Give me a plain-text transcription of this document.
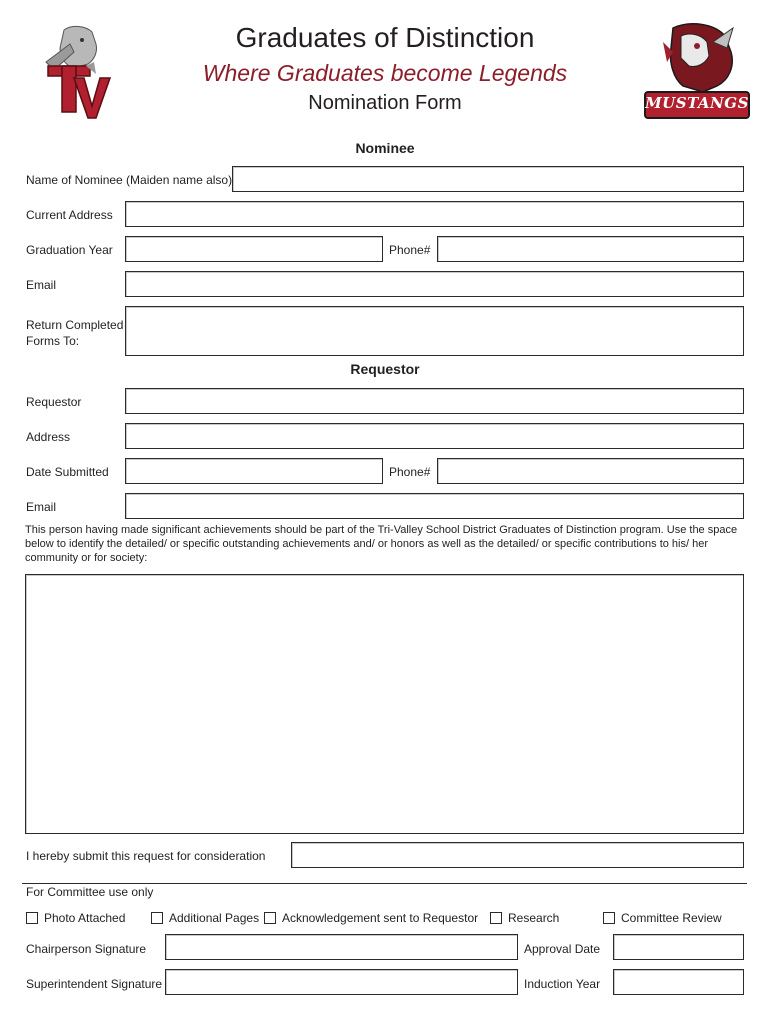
MUSTANGS
Graduates of Distinction
Where Graduates become Legends
Nomination Form
Nominee
Name of Nominee (Maiden name also)
Current Address
Graduation Year	Phone#
Email
Return Completed
Forms To:
Requestor
Requestor
Address
Date Submitted	Phone#
Email
This person having made significant achievements should be part of the Tri-Valley School District Graduates of Distinction program. Use the space below to identify the detailed/ or specific outstanding achievements and/ or honors as well as the detailed/ or specific contributions to his/ her community or for society:
I hereby submit this request for consideration
For Committee use only
Photo Attached	Additional Pages Acknowledgement sent to Requestor Research	Committee Review
Chairperson Signature	Approval Date
Superintendent Signature	Induction Year
